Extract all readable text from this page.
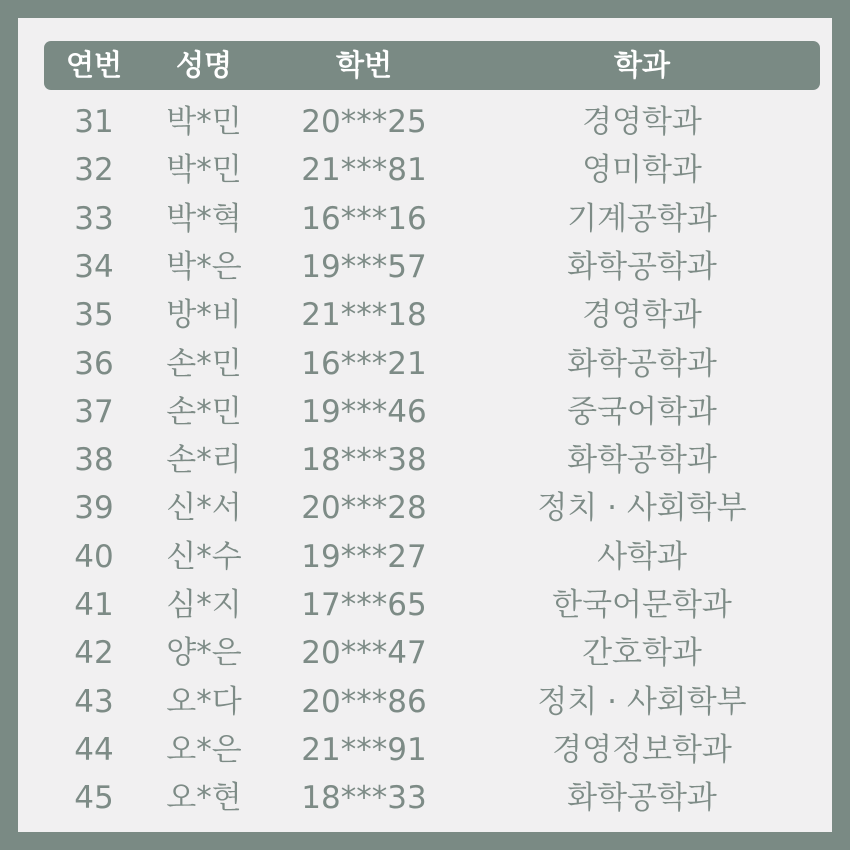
연번	성명	학번	학과
31	박*민	20***25	경영학과
32	박*민	21***81	영미학과
33	박*혁	16***16	기계공학과
34	박*은	19***57	화학공학과
35	방*비	21***18	경영학과
36	손*민	16***21	화학공학과
37	손*민	19***46	중국어학과
38	손*리	18***38	화학공학과
39	신*서	20***28	정치 · 사회학부
40	신*수	19***27	사학과
41	심*지	17***65	한국어문학과
42	양*은	20***47	간호학과
43	오*다	20***86	정치 · 사회학부
44	오*은	21***91	경영정보학과
45	오*현	18***33	화학공학과
